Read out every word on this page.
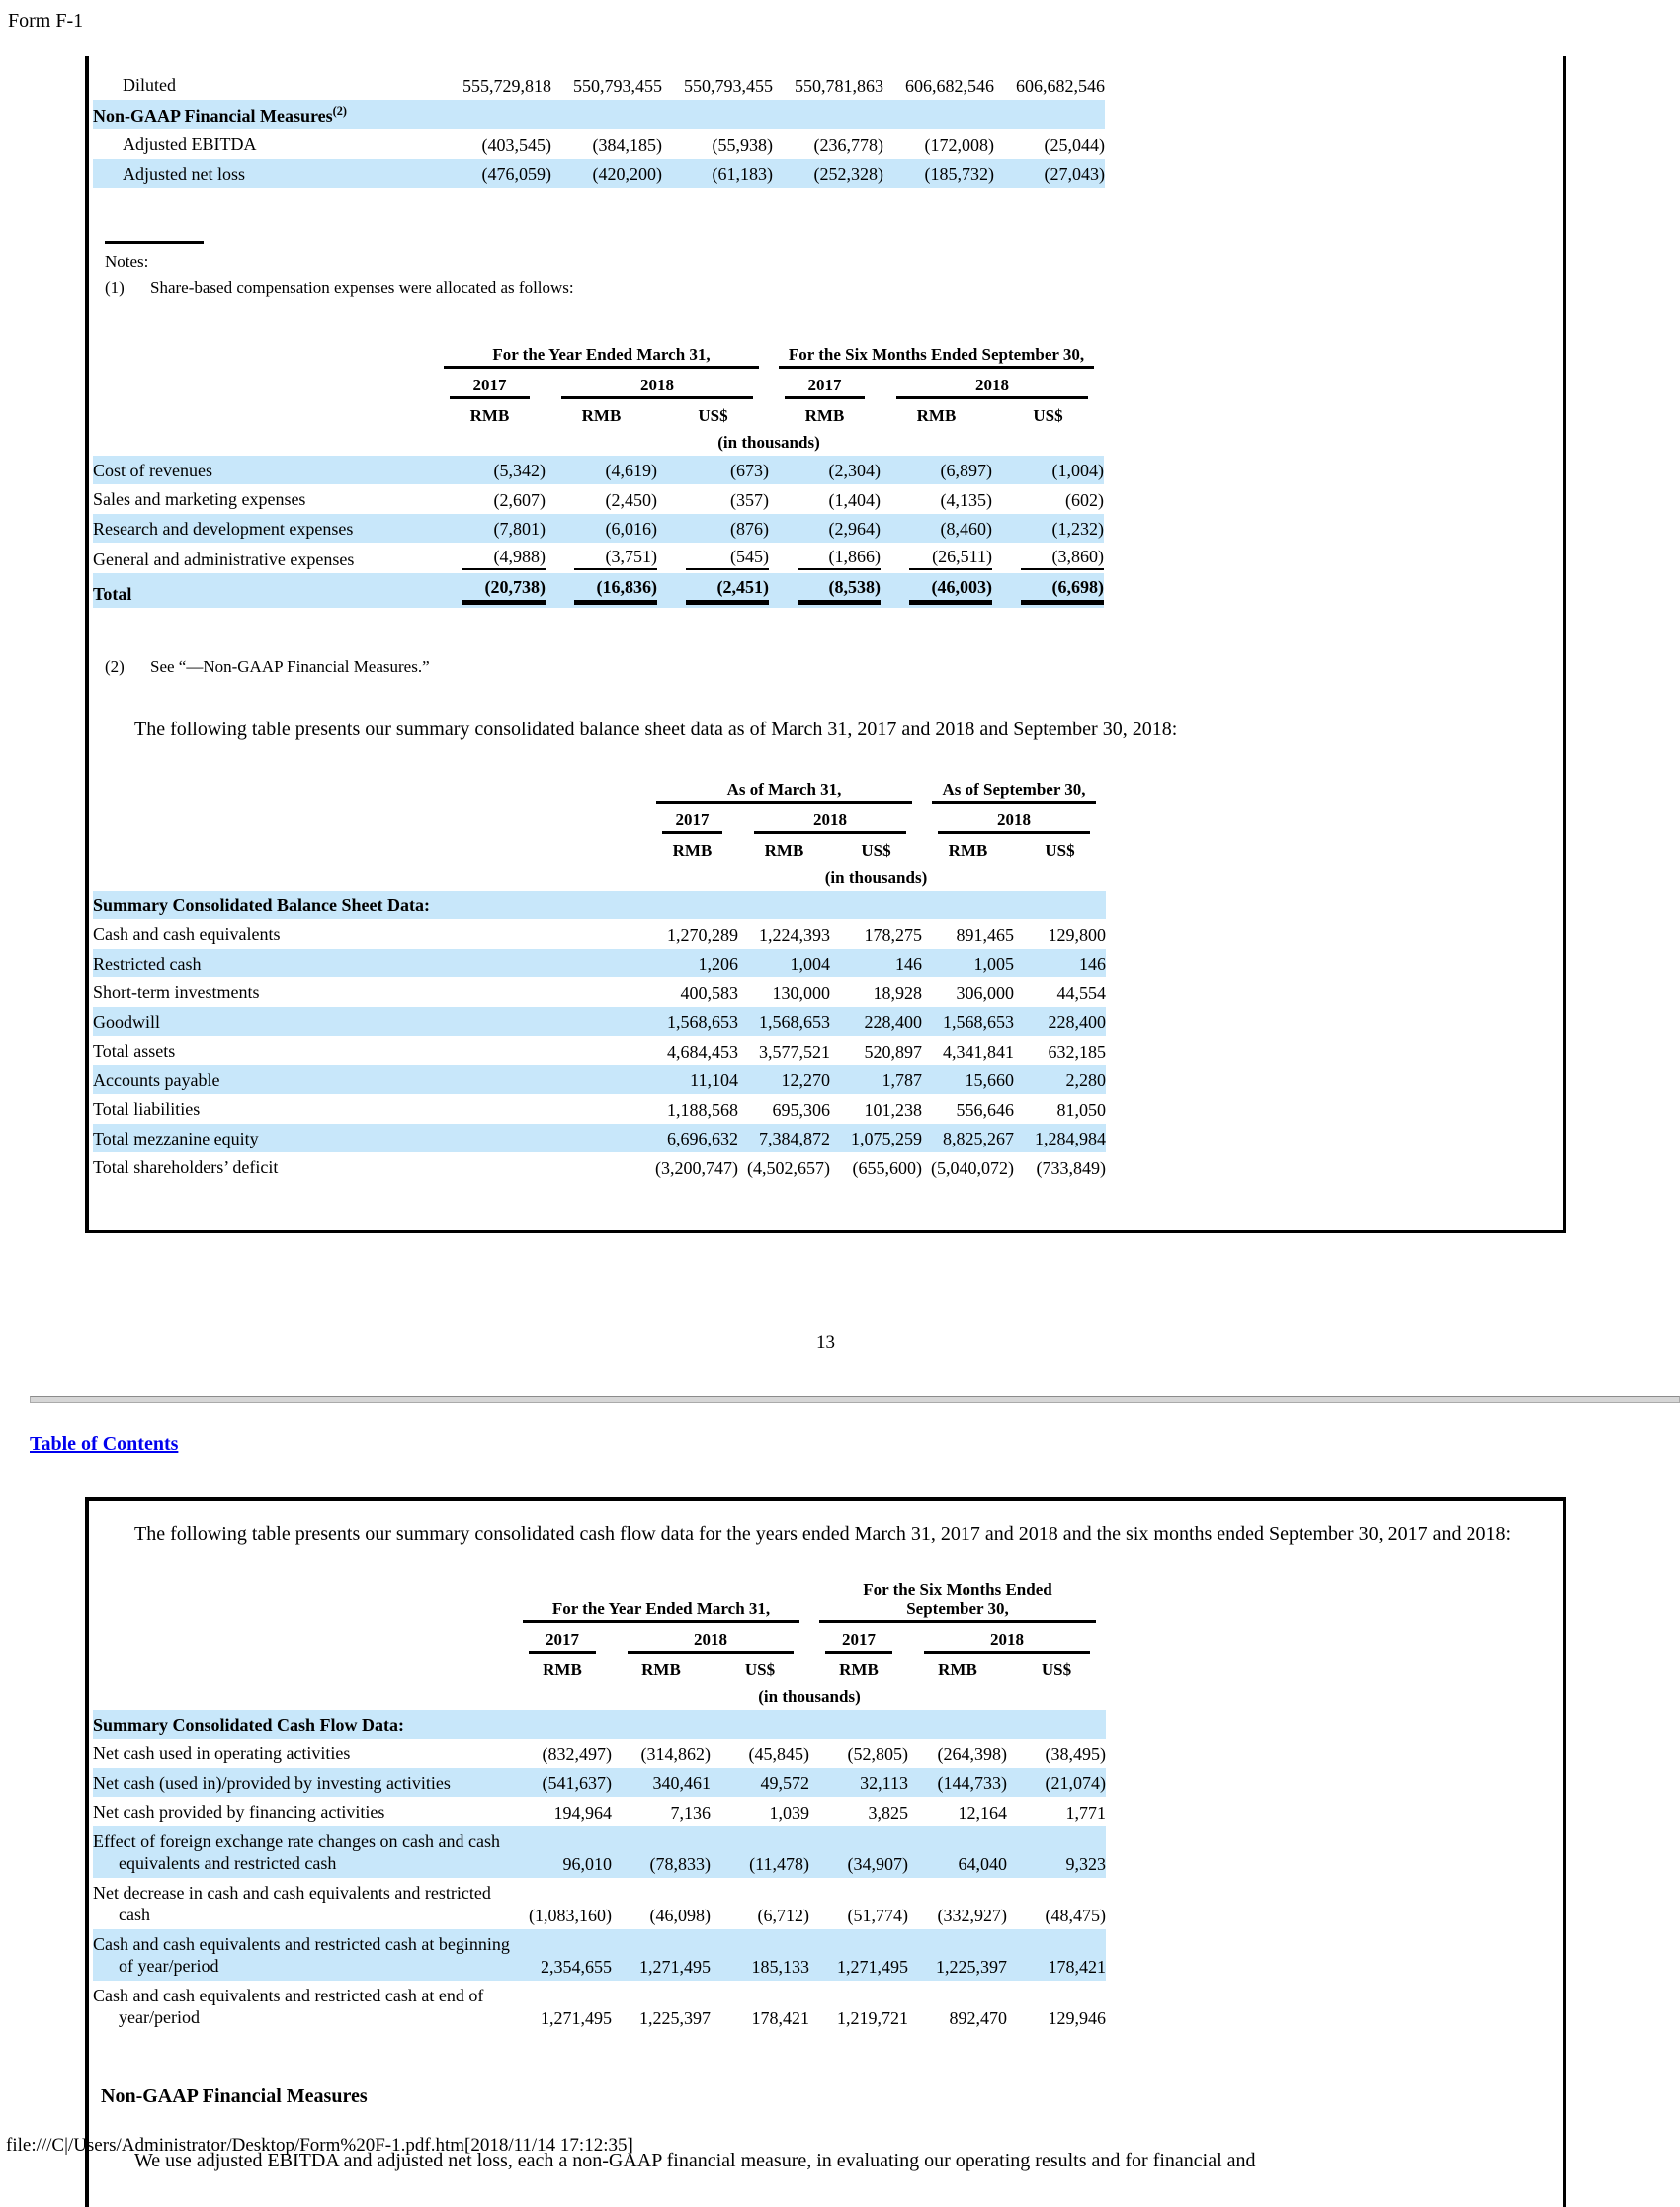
Form F-1
Diluted	555,729,818	550,793,455	550,793,455	550,781,863	606,682,546	606,682,546

Non-GAAP Financial Measures$^{(2)}$

Adjusted EBITDA	(403,545)	(384,185)	(55,938)	(236,778)	(172,008)	(25,044)

Adjusted net loss	(476,059)	(420,200)	(61,183)	(252,328)	(185,732)	(27,043)
Notes:
(1)	Share-based compensation expenses were allocated as follows:

	For the Year Ended March 31,			For the Six Months Ended September 30,		

	2017	2018		2017	2018	

	RMB	RMB	US$	RMB	RMB	US$
	(in thousands)					

Cost of revenues	(5,342)	(4,619)	(673)	(2,304)	(6,897)	(1,004)

Sales and marketing expenses	(2,607)	(2,450)	(357)	(1,404)	(4,135)	(602)

Research and development expenses	(7,801)	(6,016)	(876)	(2,964)	(8,460)	(1,232)

General and administrative expenses	(4,988)	(3,751)	(545)	(1,866)	(26,511)	(3,860)

Total	(20,738)	(16,836)	(2,451)	(8,538)	(46,003)	(6,698)
(2)	See “—Non-GAAP Financial Measures.”

The following table presents our summary consolidated balance sheet data as of March 31, 2017 and 2018 and September 30, 2018:

	As of March 31,			As of September 30,	

	2017	2018		2018	

	RMB	RMB	US$	RMB	US$
	(in thousands)				

Summary Consolidated Balance Sheet Data:					

Cash and cash equivalents	1,270,289	1,224,393	178,275	891,465	129,800

Restricted cash	1,206	1,004	146	1,005	146

Short-term investments	400,583	130,000	18,928	306,000	44,554

Goodwill	1,568,653	1,568,653	228,400	1,568,653	228,400

Total assets	4,684,453	3,577,521	520,897	4,341,841	632,185

Accounts payable	11,104	12,270	1,787	15,660	2,280

Total liabilities	1,188,568	695,306	101,238	556,646	81,050

Total mezzanine equity	6,696,632	7,384,872	1,075,259	8,825,267	1,284,984

Total shareholders’ deficit	(3,200,747)	(4,502,657)	(655,600)	(5,040,072)	(733,849)
13
Table of Contents

The following table presents our summary consolidated cash flow data for the years ended March 31, 2017 and 2018 and the six months ended September 30, 2017 and 2018:

	For the Year Ended March 31,			For the Six Months Ended September 30,		

	2017	2018		2017	2018	

	RMB	RMB	US$	RMB	RMB	US$
	(in thousands)					

Summary Consolidated Cash Flow Data:						

Net cash used in operating activities	(832,497)	(314,862)	(45,845)	(52,805)	(264,398)	(38,495)

Net cash (used in)/provided by investing activities	(541,637)	340,461	49,572	32,113	(144,733)	(21,074)

Net cash provided by financing activities	194,964	7,136	1,039	3,825	12,164	1,771

Effect of foreign exchange rate changes on cash and cash equivalents and restricted cash	96,010	(78,833)	(11,478)	(34,907)	64,040	9,323

Net decrease in cash and cash equivalents and restricted cash	(1,083,160)	(46,098)	(6,712)	(51,774)	(332,927)	(48,475)

Cash and cash equivalents and restricted cash at beginning of year/period	2,354,655	1,271,495	185,133	1,271,495	1,225,397	178,421

Cash and cash equivalents and restricted cash at end of year/period	1,271,495	1,225,397	178,421	1,219,721	892,470	129,946
Non-GAAP Financial Measures

We use adjusted EBITDA and adjusted net loss, each a non-GAAP financial measure, in evaluating our operating results and for financial and

file:///C|/Users/Administrator/Desktop/Form%20F-1.pdf.htm[2018/11/14 17:12:35]
